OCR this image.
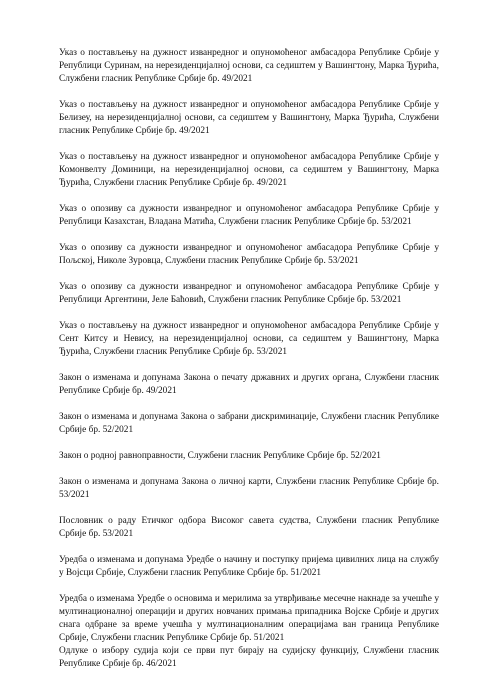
Указ о постављењу на дужност изванредног и опуномоћеног амбасадора Републике Србије у Републици Суринам, на нерезиденцијалној основи, са седиштем у Вашингтону, Марка Ђурића, Службени гласник Републике Србије бр. 49/2021

Указ о постављењу на дужност изванредног и опуномоћеног амбасадора Републике Србије у Белизеу, на нерезиденцијалној основи, са седиштем у Вашингтону, Марка Ђурића, Службени гласник Републике Србије бр. 49/2021

Указ о постављењу на дужност изванредног и опуномоћеног амбасадора Републике Србије у Комонвелту Доминици, на нерезиденцијалној основи, са седиштем у Вашингтону, Марка Ђурића, Службени гласник Републике Србије бр. 49/2021

Указ о опозиву са дужности изванредног и опуномоћеног амбасадора Републике Србије у Републици Казахстан, Владана Матића, Службени гласник Републике Србије бр. 53/2021

Указ о опозиву са дужности изванредног и опуномоћеног амбасадора Републике Србије у Пољској, Николе Зуровца, Службени гласник Републике Србије бр. 53/2021

Указ о опозиву са дужности изванредног и опуномоћеног амбасадора Републике Србије у Републици Аргентини, Јеле Баћовић, Службени гласник Републике Србије бр. 53/2021

Указ о постављењу на дужност изванредног и опуномоћеног амбасадора Републике Србије у Сент Китсу и Невису, на нерезиденцијалној основи, са седиштем у Вашингтону, Марка Ђурића, Службени гласник Републике Србије бр. 53/2021

Закон о изменама и допунама Закона о печату државних и других органа, Службени гласник Републике Србије бр. 49/2021

Закон о изменама и допунама Закона о забрани дискриминације, Службени гласник Републике Србије бр. 52/2021

Закон о родној равноправности, Службени гласник Републике Србије бр. 52/2021

Закон о изменама и допунама Закона о личној карти, Службени гласник Републике Србије бр. 53/2021

Пословник о раду Етичког одбора Високог савета судства, Службени гласник Републике Србије бр. 53/2021

Уредба о изменама и допунама Уредбе о начину и поступку пријема цивилних лица на службу у Војсци Србије, Службени гласник Републике Србије бр. 51/2021

Уредба о изменама Уредбе о основима и мерилима за утврђивање месечне накнаде за учешће у мултинационалној операцији и других новчаних примања припадника Војске Србије и других снага одбране за време учешћа у мултинационалним операцијама ван граница Републике Србије, Службени гласник Републике Србије бр. 51/2021

Одлуке о избору судија који се први пут бирају на судијску функцију, Службени гласник Републике Србије бр. 46/2021
